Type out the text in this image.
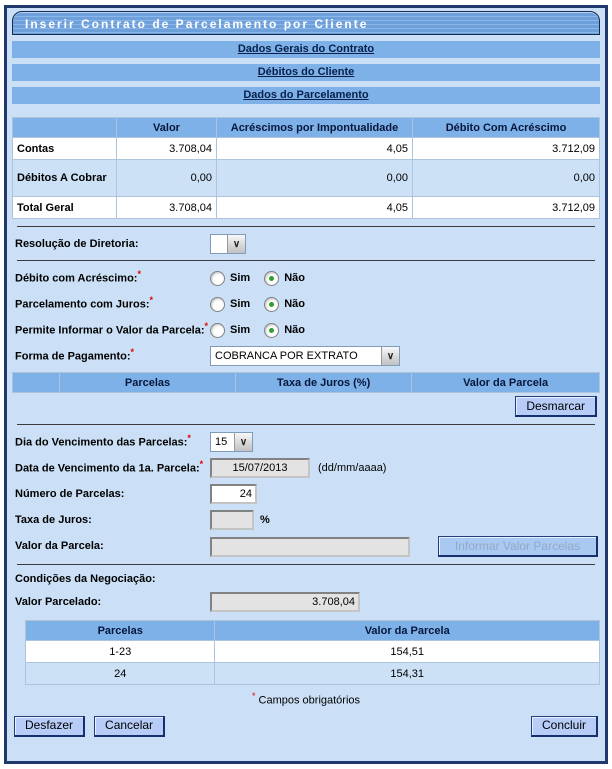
Inserir Contrato de Parcelamento por Cliente
Dados Gerais do Contrato
Débitos do Cliente
Dados do Parcelamento
	Valor	Acréscimos por Impontualidade	Débito Com Acréscimo
Contas	3.708,04	4,05	3.712,09
Débitos A Cobrar	0,00	0,00	0,00
Total Geral	3.708,04	4,05	3.712,09
Resolução de Diretoria:	∨
Débito com Acréscimo:*	Sim	Não
Parcelamento com Juros:*	Sim	Não
Permite Informar o Valor da Parcela:* Sim	Não
Forma de Pagamento:*	COBRANCA POR EXTRATO	∨
	Parcelas	Taxa de Juros (%)	Valor da Parcela
Desmarcar
Dia do Vencimento das Parcelas:*	15	∨
Data de Vencimento da 1a. Parcela:*
15/07/2013	(dd/mm/aaaa)
Número de Parcelas:
24
Taxa de Juros:	%
Valor da Parcela:	Informar Valor Parcelas
Condições da Negociação:
Valor Parcelado:
3.708,04
Parcelas	Valor da Parcela
1-23	154,51
24	154,31
* Campos obrigatórios
Desfazer	Cancelar	Concluir
